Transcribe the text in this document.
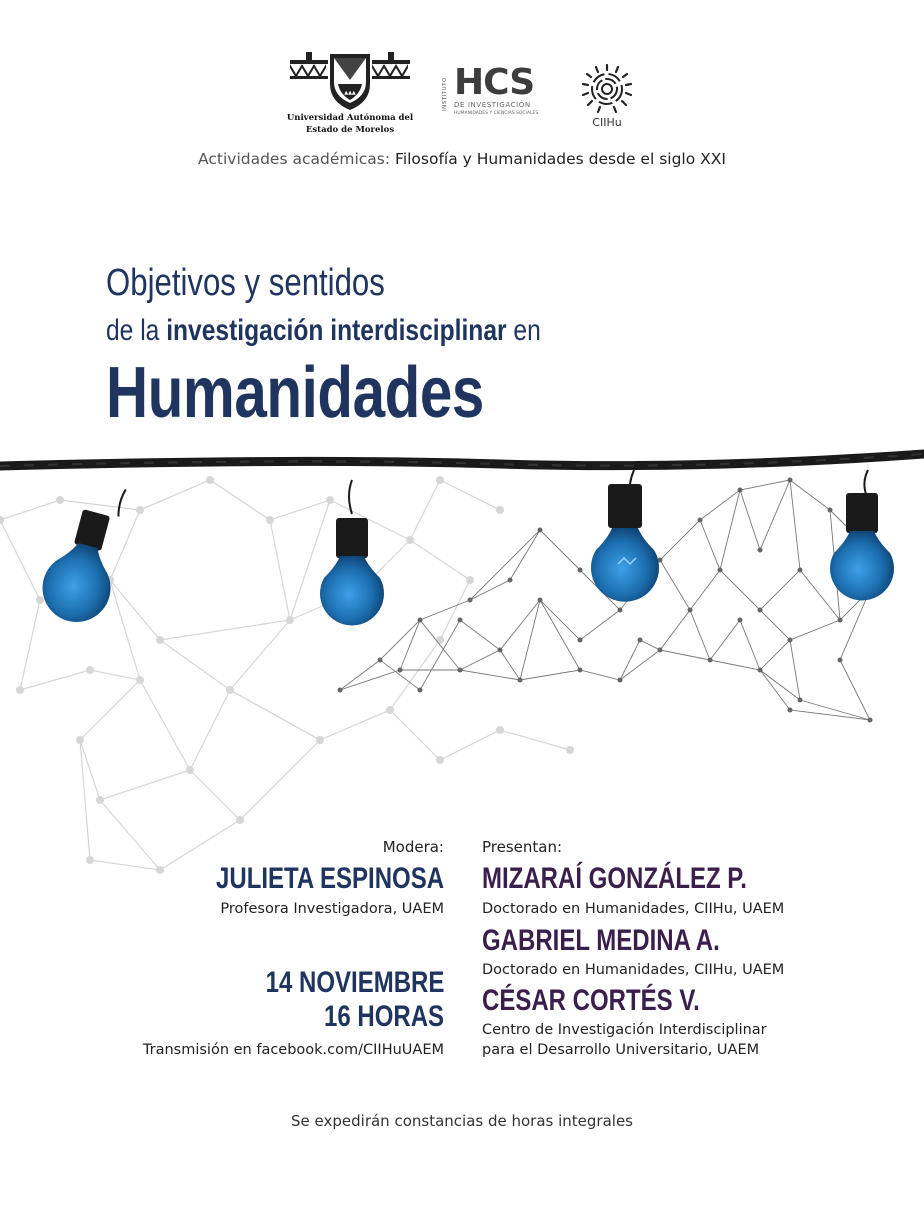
▲▲▲
Universidad Autónoma del
Estado de Morelos
INSTITUTO HCS
DE INVESTIGACIÓN
HUMANIDADES Y CIENCIAS SOCIALES
CIIHu
Actividades académicas: Filosofía y Humanidades desde el siglo XXI
Objetivos y sentidos
de la investigación interdisciplinar en
Humanidades
Modera:
JULIETA ESPINOSA
Profesora Investigadora, UAEM
14 NOVIEMBRE
16 HORAS
Transmisión en facebook.com/CIIHuUAEM
Presentan:
MIZARAÍ GONZÁLEZ P.
Doctorado en Humanidades, CIIHu, UAEM
GABRIEL MEDINA A.
Doctorado en Humanidades, CIIHu, UAEM
CÉSAR CORTÉS V.
Centro de Investigación Interdisciplinar
para el Desarrollo Universitario, UAEM
Se expedirán constancias de horas integrales
